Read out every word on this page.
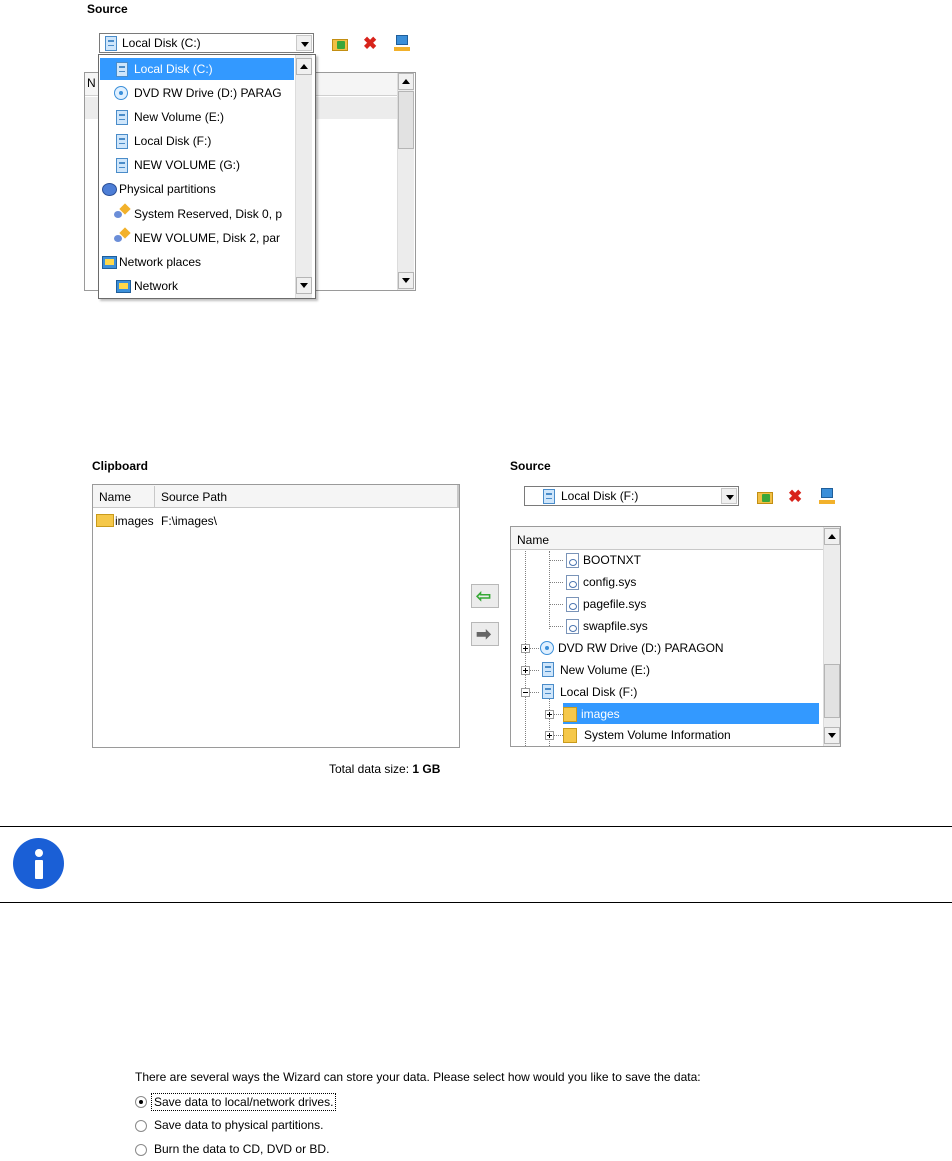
Source
Local Disk (C:)	✖
N
Local Disk (C:)
DVD RW Drive (D:) PARAG
New Volume (E:)
Local Disk (F:)
NEW VOLUME (G:)
Physical partitions
System Reserved, Disk 0, p
NEW VOLUME, Disk 2, par
Network places
Network
Clipboard
Name Source Path
images F:\images\
Total data size: 1 GB
⇦
➡
Source
Local Disk (F:)	✖
Name
BOOTNXT
config.sys
pagefile.sys
swapfile.sys
DVD RW Drive (D:) PARAGON
New Volume (E:)
Local Disk (F:)
images
System Volume Information
There are several ways the Wizard can store your data. Please select how would you like to save the data:
Save data to local/network drives.
Save data to physical partitions.
Burn the data to CD, DVD or BD.
